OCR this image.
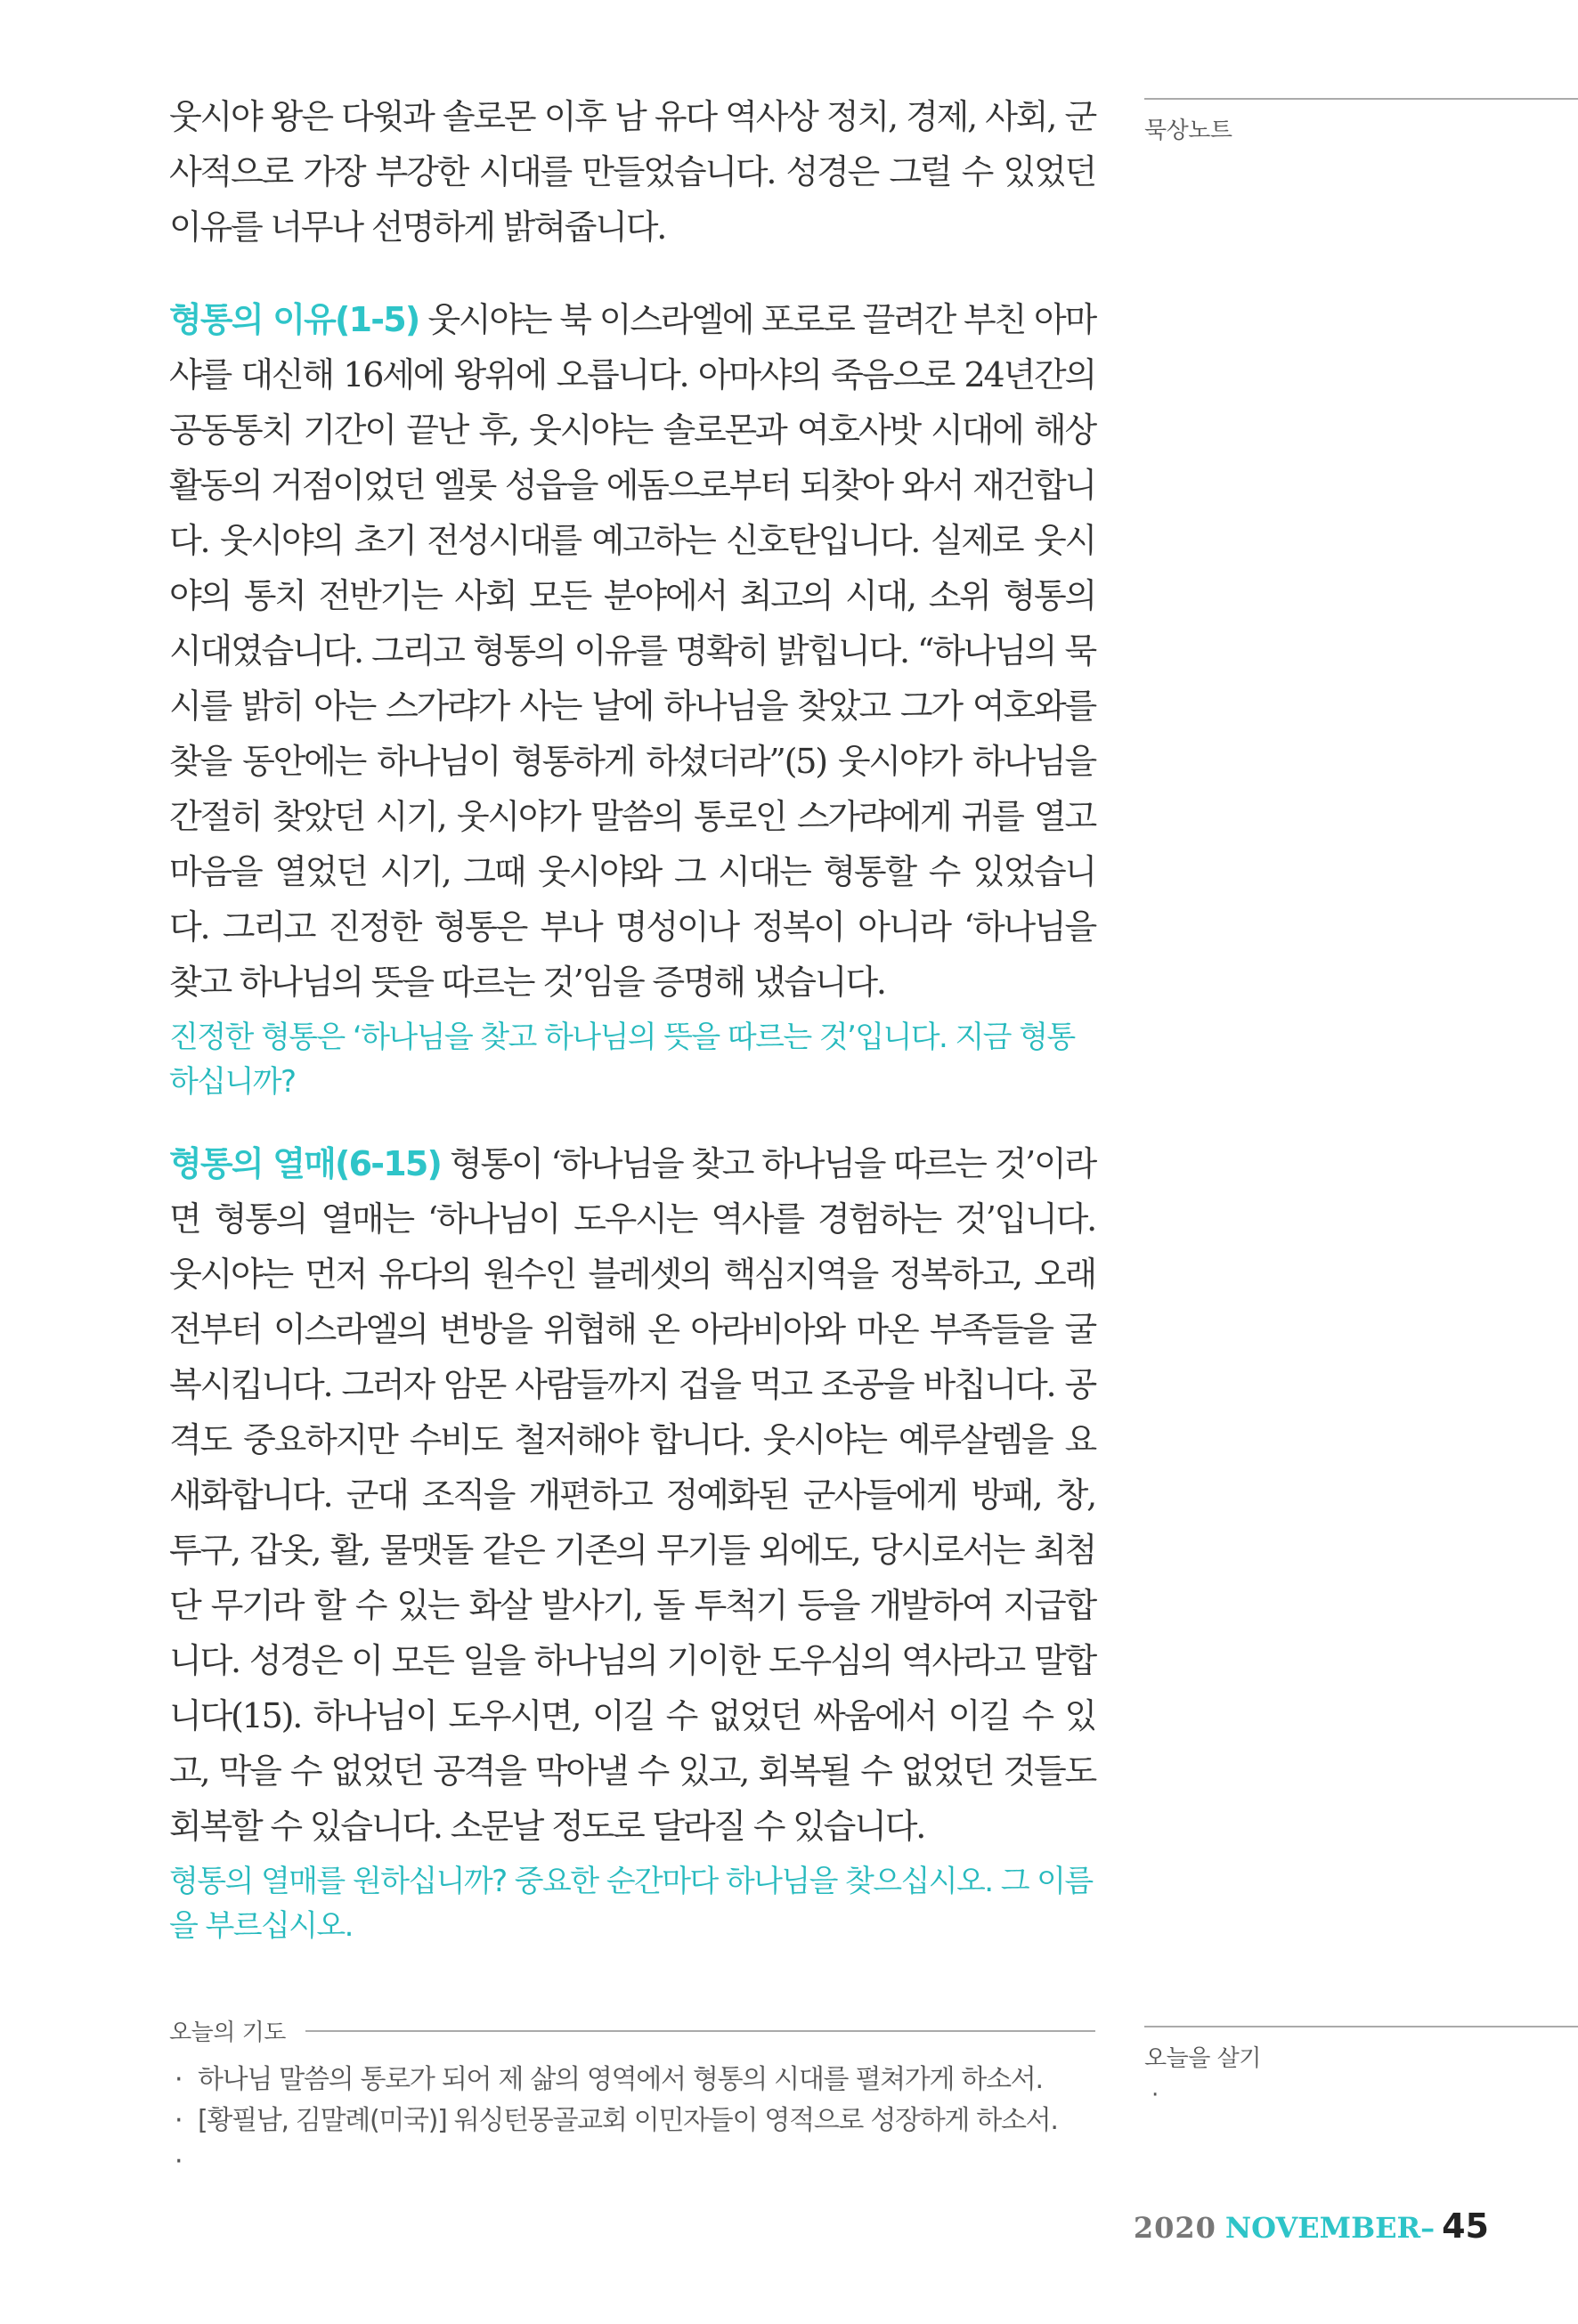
웃시야 왕은 다윗과 솔로몬 이후 남 유다 역사상 정치, 경제, 사회, 군사적으로 가장 부강한 시대를 만들었습니다. 성경은 그럴 수 있었던 이유를 너무나 선명하게 밝혀줍니다.

형통의 이유(1-5) 웃시야는 북 이스라엘에 포로로 끌려간 부친 아마샤를 대신해 16세에 왕위에 오릅니다. 아마샤의 죽음으로 24년간의 공동통치 기간이 끝난 후, 웃시야는 솔로몬과 여호사밧 시대에 해상활동의 거점이었던 엘롯 성읍을 에돔으로부터 되찾아 와서 재건합니다. 웃시야의 초기 전성시대를 예고하는 신호탄입니다. 실제로 웃시야의 통치 전반기는 사회 모든 분야에서 최고의 시대, 소위 형통의 시대였습니다. 그리고 형통의 이유를 명확히 밝힙니다. “하나님의 묵시를 밝히 아는 스가랴가 사는 날에 하나님을 찾았고 그가 여호와를 찾을 동안에는 하나님이 형통하게 하셨더라”(5) 웃시야가 하나님을 간절히 찾았던 시기, 웃시야가 말씀의 통로인 스가랴에게 귀를 열고 마음을 열었던 시기, 그때 웃시야와 그 시대는 형통할 수 있었습니다. 그리고 진정한 형통은 부나 명성이나 정복이 아니라 ‘하나님을 찾고 하나님의 뜻을 따르는 것’임을 증명해 냈습니다.

진정한 형통은 ‘하나님을 찾고 하나님의 뜻을 따르는 것’입니다. 지금 형통하십니까?

형통의 열매(6-15) 형통이 ‘하나님을 찾고 하나님을 따르는 것’이라면 형통의 열매는 ‘하나님이 도우시는 역사를 경험하는 것’입니다. 웃시야는 먼저 유다의 원수인 블레셋의 핵심지역을 정복하고, 오래전부터 이스라엘의 변방을 위협해 온 아라비아와 마온 부족들을 굴복시킵니다. 그러자 암몬 사람들까지 겁을 먹고 조공을 바칩니다. 공격도 중요하지만 수비도 철저해야 합니다. 웃시야는 예루살렘을 요새화합니다. 군대 조직을 개편하고 정예화된 군사들에게 방패, 창, 투구, 갑옷, 활, 물맷돌 같은 기존의 무기들 외에도, 당시로서는 최첨단 무기라 할 수 있는 화살 발사기, 돌 투척기 등을 개발하여 지급합니다. 성경은 이 모든 일을 하나님의 기이한 도우심의 역사라고 말합니다(15). 하나님이 도우시면, 이길 수 없었던 싸움에서 이길 수 있고, 막을 수 없었던 공격을 막아낼 수 있고, 회복될 수 없었던 것들도 회복할 수 있습니다. 소문날 정도로 달라질 수 있습니다.

형통의 열매를 원하십니까? 중요한 순간마다 하나님을 찾으십시오. 그 이름을 부르십시오.

묵상노트
오늘의 기도
· 하나님 말씀의 통로가 되어 제 삶의 영역에서 형통의 시대를 펼쳐가게 하소서.
· [황필남, 김말례(미국)] 워싱턴몽골교회 이민자들이 영적으로 성장하게 하소서.
·
오늘을 살기
·
2020 NOVEMBER– 45
